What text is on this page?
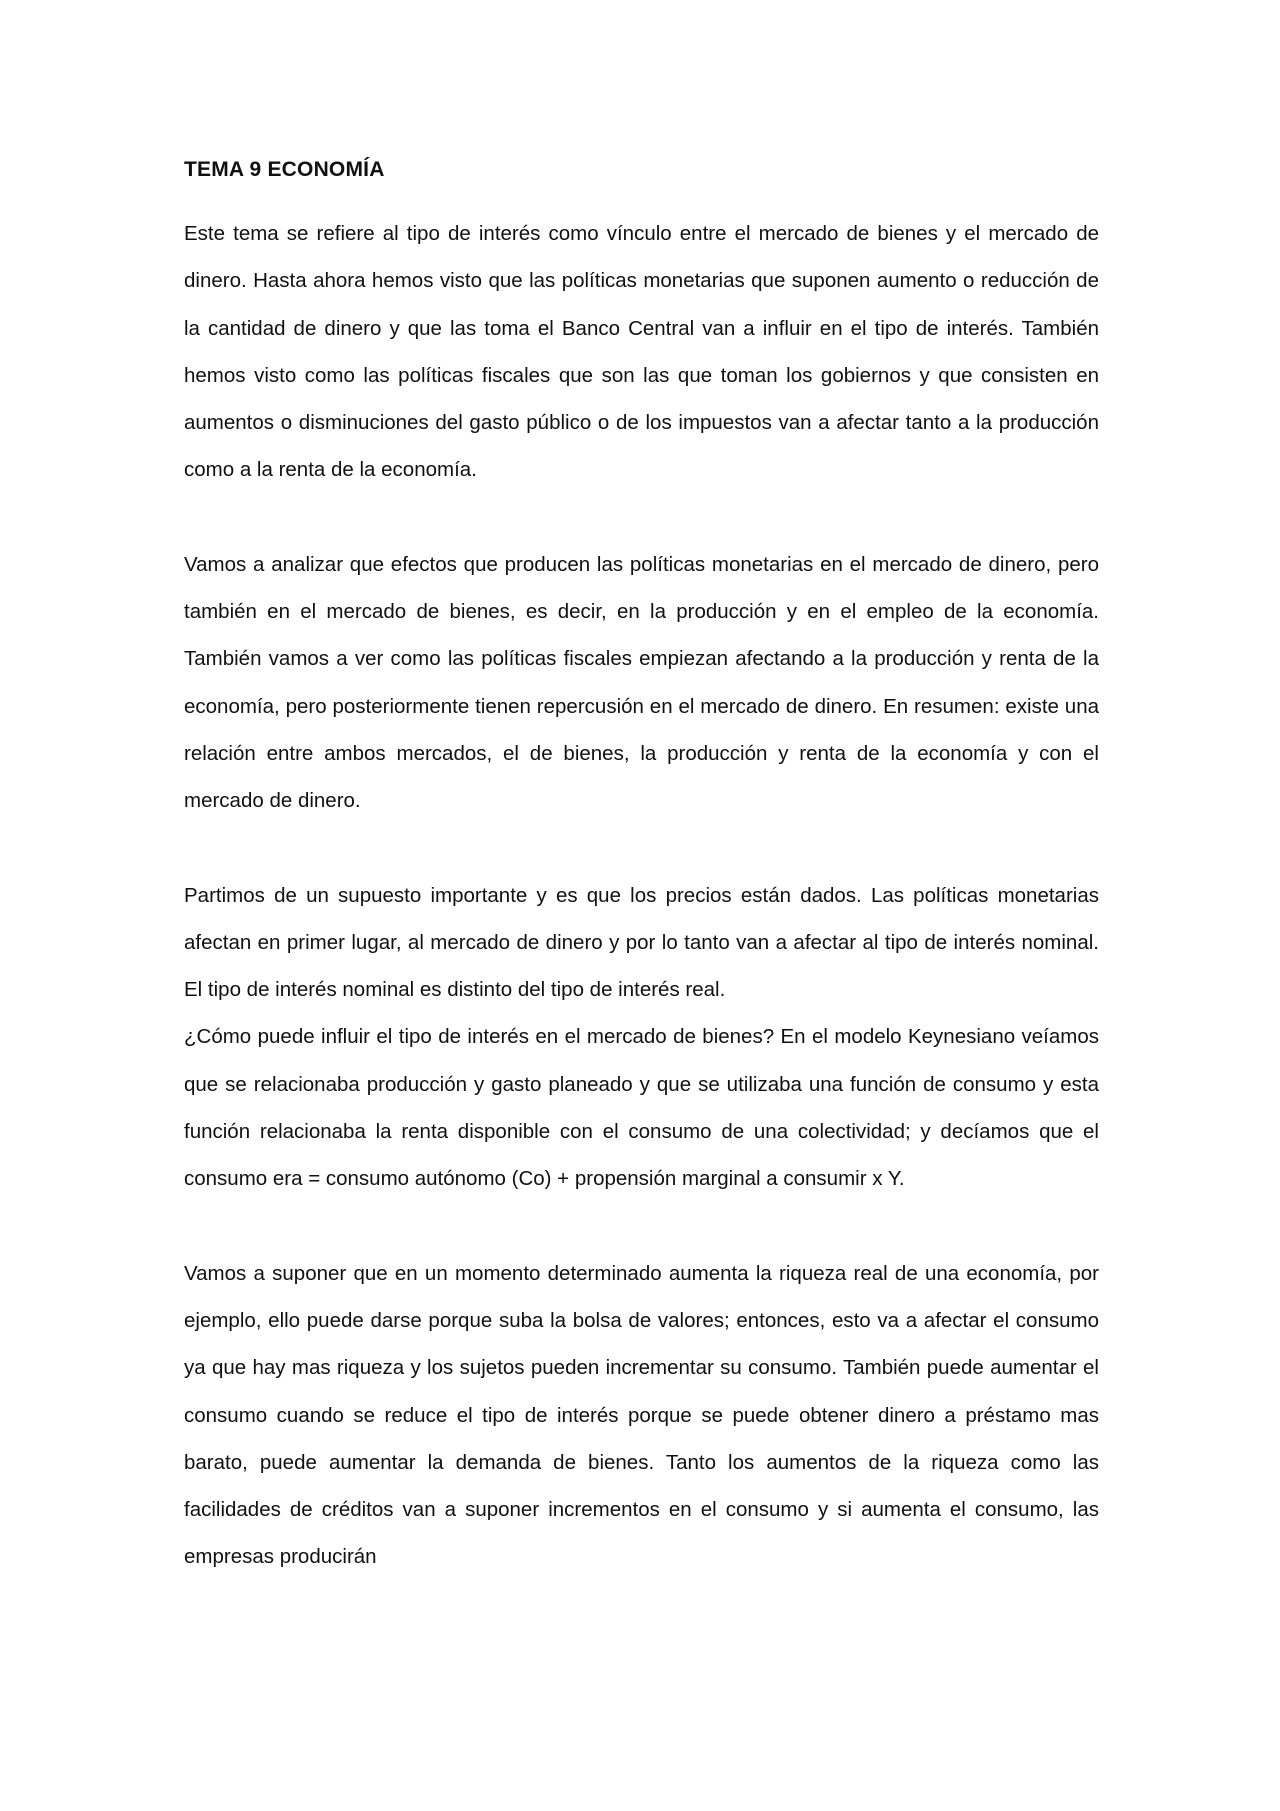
TEMA 9 ECONOMÍA

Este tema se refiere al tipo de interés como vínculo entre el mercado de bienes y el mercado de dinero. Hasta ahora hemos visto que las políticas monetarias que suponen aumento o reducción de la cantidad de dinero y que las toma el Banco Central van a influir en el tipo de interés. También hemos visto como las políticas fiscales que son las que toman los gobiernos y que consisten en aumentos o disminuciones del gasto público o de los impuestos van a afectar tanto a la producción como a la renta de la economía.

Vamos a analizar que efectos que producen las políticas monetarias en el mercado de dinero, pero también en el mercado de bienes, es decir, en la producción y en el empleo de la economía. También vamos a ver como las políticas fiscales empiezan afectando a la producción y renta de la economía, pero posteriormente tienen repercusión en el mercado de dinero. En resumen: existe una relación entre ambos mercados, el de bienes, la producción y renta de la economía y con el mercado de dinero.

Partimos de un supuesto importante y es que los precios están dados. Las políticas monetarias afectan en primer lugar, al mercado de dinero y por lo tanto van a afectar al tipo de interés nominal. El tipo de interés nominal es distinto del tipo de interés real.

¿Cómo puede influir el tipo de interés en el mercado de bienes? En el modelo Keynesiano veíamos que se relacionaba producción y gasto planeado y que se utilizaba una función de consumo y esta función relacionaba la renta disponible con el consumo de una colectividad; y decíamos que el consumo era = consumo autónomo (Co) + propensión marginal a consumir x Y.

Vamos a suponer que en un momento determinado aumenta la riqueza real de una economía, por ejemplo, ello puede darse porque suba la bolsa de valores; entonces, esto va a afectar el consumo ya que hay mas riqueza y los sujetos pueden incrementar su consumo. También puede aumentar el consumo cuando se reduce el tipo de interés porque se puede obtener dinero a préstamo mas barato, puede aumentar la demanda de bienes. Tanto los aumentos de la riqueza como las facilidades de créditos van a suponer incrementos en el consumo y si aumenta el consumo, las empresas producirán
